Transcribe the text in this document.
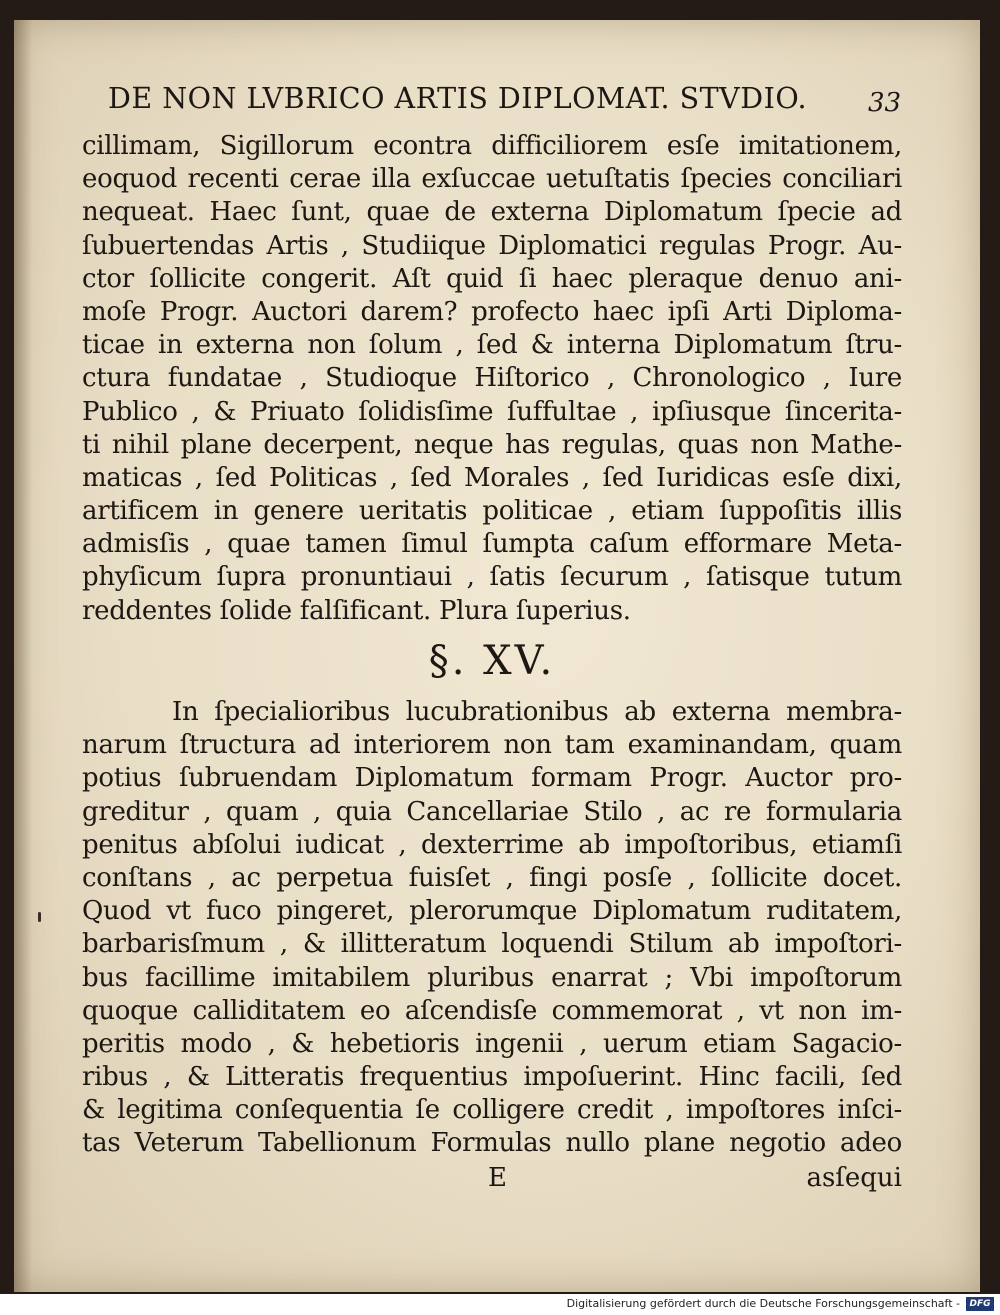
DE NON LVBRICO ARTIS DIPLOMAT. STVDIO. 33
cillimam, Sigillorum econtra difficiliorem esſe imitationem,
eoquod recenti cerae illa exſuccae uetuſtatis ſpecies conciliari
nequeat. Haec ſunt, quae de externa Diplomatum ſpecie ad
ſubuertendas Artis , Studiique Diplomatici regulas Progr. Au-
ctor ſollicite congerit. Aſt quid ſi haec pleraque denuo ani-
moſe Progr. Auctori darem? profecto haec ipſi Arti Diploma-
ticae in externa non ſolum , ſed & interna Diplomatum ſtru-
ctura fundatae , Studioque Hiſtorico , Chronologico , Iure
Publico , & Priuato ſolidisſime ſuffultae , ipſiusque ſincerita-
ti nihil plane decerpent, neque has regulas, quas non Mathe-
maticas , ſed Politicas , ſed Morales , ſed Iuridicas esſe dixi,
artificem in genere ueritatis politicae , etiam ſuppoſitis illis
admisſis , quae tamen ſimul ſumpta caſum efformare Meta-
phyſicum ſupra pronuntiaui , ſatis ſecurum , ſatisque tutum
reddentes ſolide falſificant. Plura ſuperius.
§. XV.
In ſpecialioribus lucubrationibus ab externa membra-
narum ſtructura ad interiorem non tam examinandam, quam
potius ſubruendam Diplomatum formam Progr. Auctor pro-
greditur , quam , quia Cancellariae Stilo , ac re formularia
penitus abſolui iudicat , dexterrime ab impoſtoribus, etiamſi
conſtans , ac perpetua fuisſet , fingi posſe , ſollicite docet.
Quod vt fuco pingeret, plerorumque Diplomatum ruditatem,
barbarisſmum , & illitteratum loquendi Stilum ab impoſtori-
bus facillime imitabilem pluribus enarrat ; Vbi impoſtorum
quoque calliditatem eo aſcendisſe commemorat , vt non im-
peritis modo , & hebetioris ingenii , uerum etiam Sagacio-
ribus , & Litteratis frequentius impoſuerint. Hinc facili, ſed
& legitima conſequentia ſe colligere credit , impoſtores inſci-
tas Veterum Tabellionum Formulas nullo plane negotio adeo
E	asſequi
Digitalisierung gefördert durch die Deutsche Forschungsgemeinschaft -	DFG
